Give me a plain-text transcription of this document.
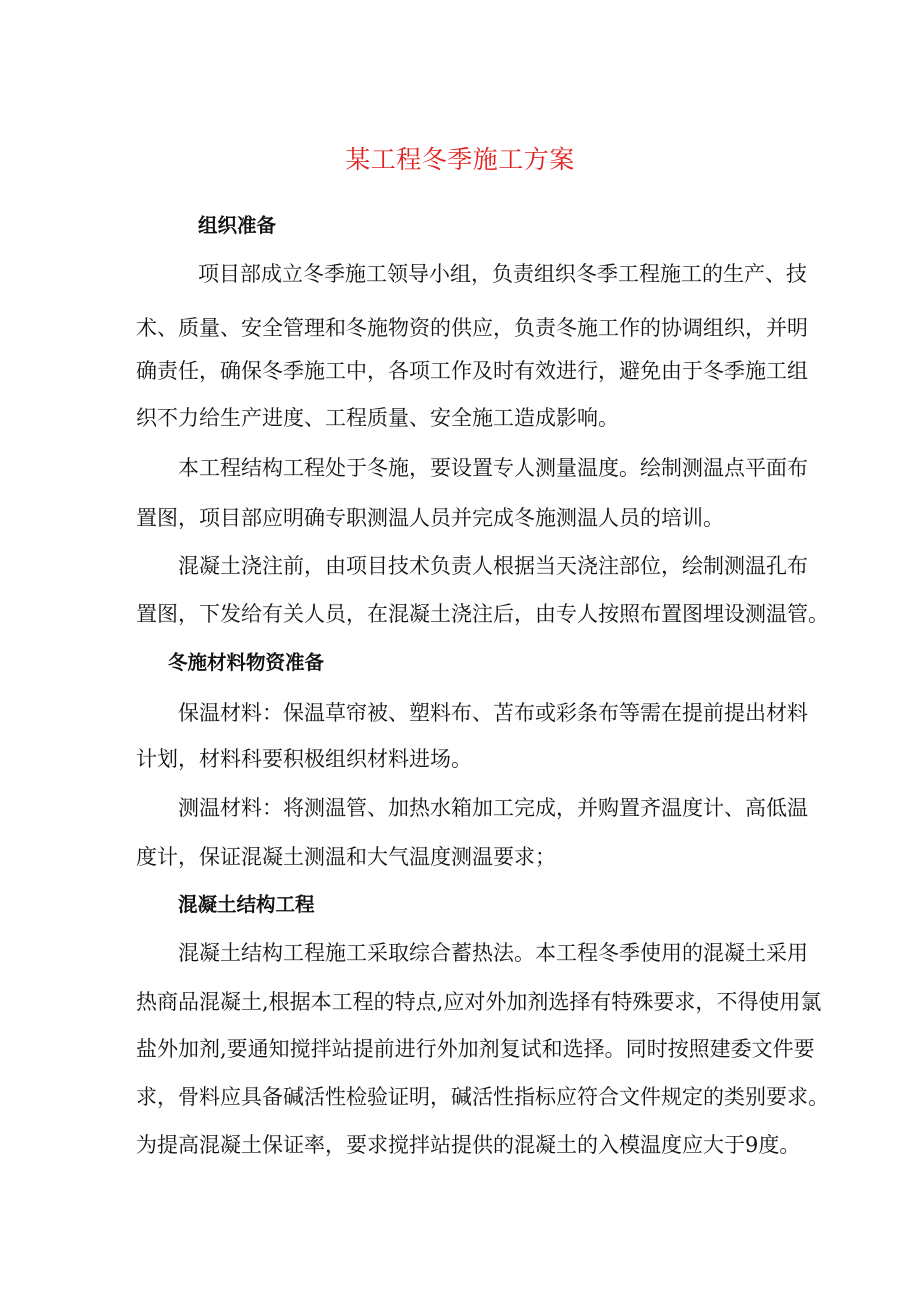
某工程冬季施工方案
组织准备
项目部成立冬季施工领导小组，负责组织冬季工程施工的生产、技
术、质量、安全管理和冬施物资的供应，负责冬施工作的协调组织，并明
确责任，确保冬季施工中，各项工作及时有效进行，避免由于冬季施工组
织不力给生产进度、工程质量、安全施工造成影响。
本工程结构工程处于冬施，要设置专人测量温度。绘制测温点平面布
置图，项目部应明确专职测温人员并完成冬施测温人员的培训。
混凝土浇注前，由项目技术负责人根据当天浇注部位，绘制测温孔布
置图，下发给有关人员，在混凝土浇注后，由专人按照布置图埋设测温管。
冬施材料物资准备
保温材料：保温草帘被、塑料布、苫布或彩条布等需在提前提出材料
计划，材料科要积极组织材料进场。
测温材料：将测温管、加热水箱加工完成，并购置齐温度计、高低温
度计，保证混凝土测温和大气温度测温要求；
混凝土结构工程
混凝土结构工程施工采取综合蓄热法。本工程冬季使用的混凝土采用
热商品混凝土,根据本工程的特点,应对外加剂选择有特殊要求，不得使用氯
盐外加剂,要通知搅拌站提前进行外加剂复试和选择。同时按照建委文件要
求，骨料应具备碱活性检验证明，碱活性指标应符合文件规定的类别要求。
为提高混凝土保证率，要求搅拌站提供的混凝土的入模温度应大于9度。
